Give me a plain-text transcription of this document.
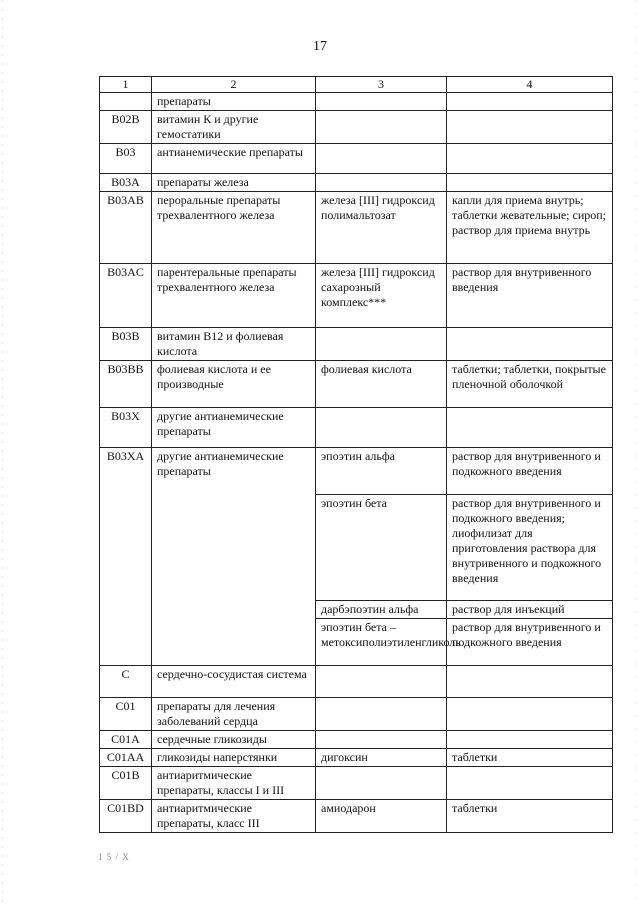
17
1	2	3	4
	препараты		
B02B	витамин К и другие гемостатики		
B03	антианемические препараты		
B03A	препараты железа		
B03AB	пероральные препараты трехвалентного железа	железа [III] гидроксид полимальтозат	капли для приема внутрь; таблетки жевательные; сироп; раствор для приема внутрь
B03AC	парентеральные препараты трехвалентного железа	железа [III] гидроксид сахарозный комплекс***	раствор для внутривенного введения
B03B	витамин B12 и фолиевая кислота		
B03BB	фолиевая кислота и ее производные	фолиевая кислота	таблетки; таблетки, покрытые пленочной оболочкой
B03X	другие антианемические препараты		
B03XA	другие антианемические препараты	эпоэтин альфа	раствор для внутривенного и подкожного введения
		эпоэтин бета	раствор для внутривенного и подкожного введения; лиофилизат для приготовления раствора для внутривенного и подкожного введения
		дарбэпоэтин альфа	раствор для инъекций
		эпоэтин бета – метоксиполиэтиленгликоль	раствор для внутривенного и подкожного введения
C	сердечно-сосудистая система		
C01	препараты для лечения заболеваний сердца		
C01A	сердечные гликозиды		
C01AA	гликозиды наперстянки	дигоксин	таблетки
C01B	антиаритмические препараты, классы I и III		
C01BD	антиаритмические препараты, класс III	амиодарон	таблетки
1 5 / X
